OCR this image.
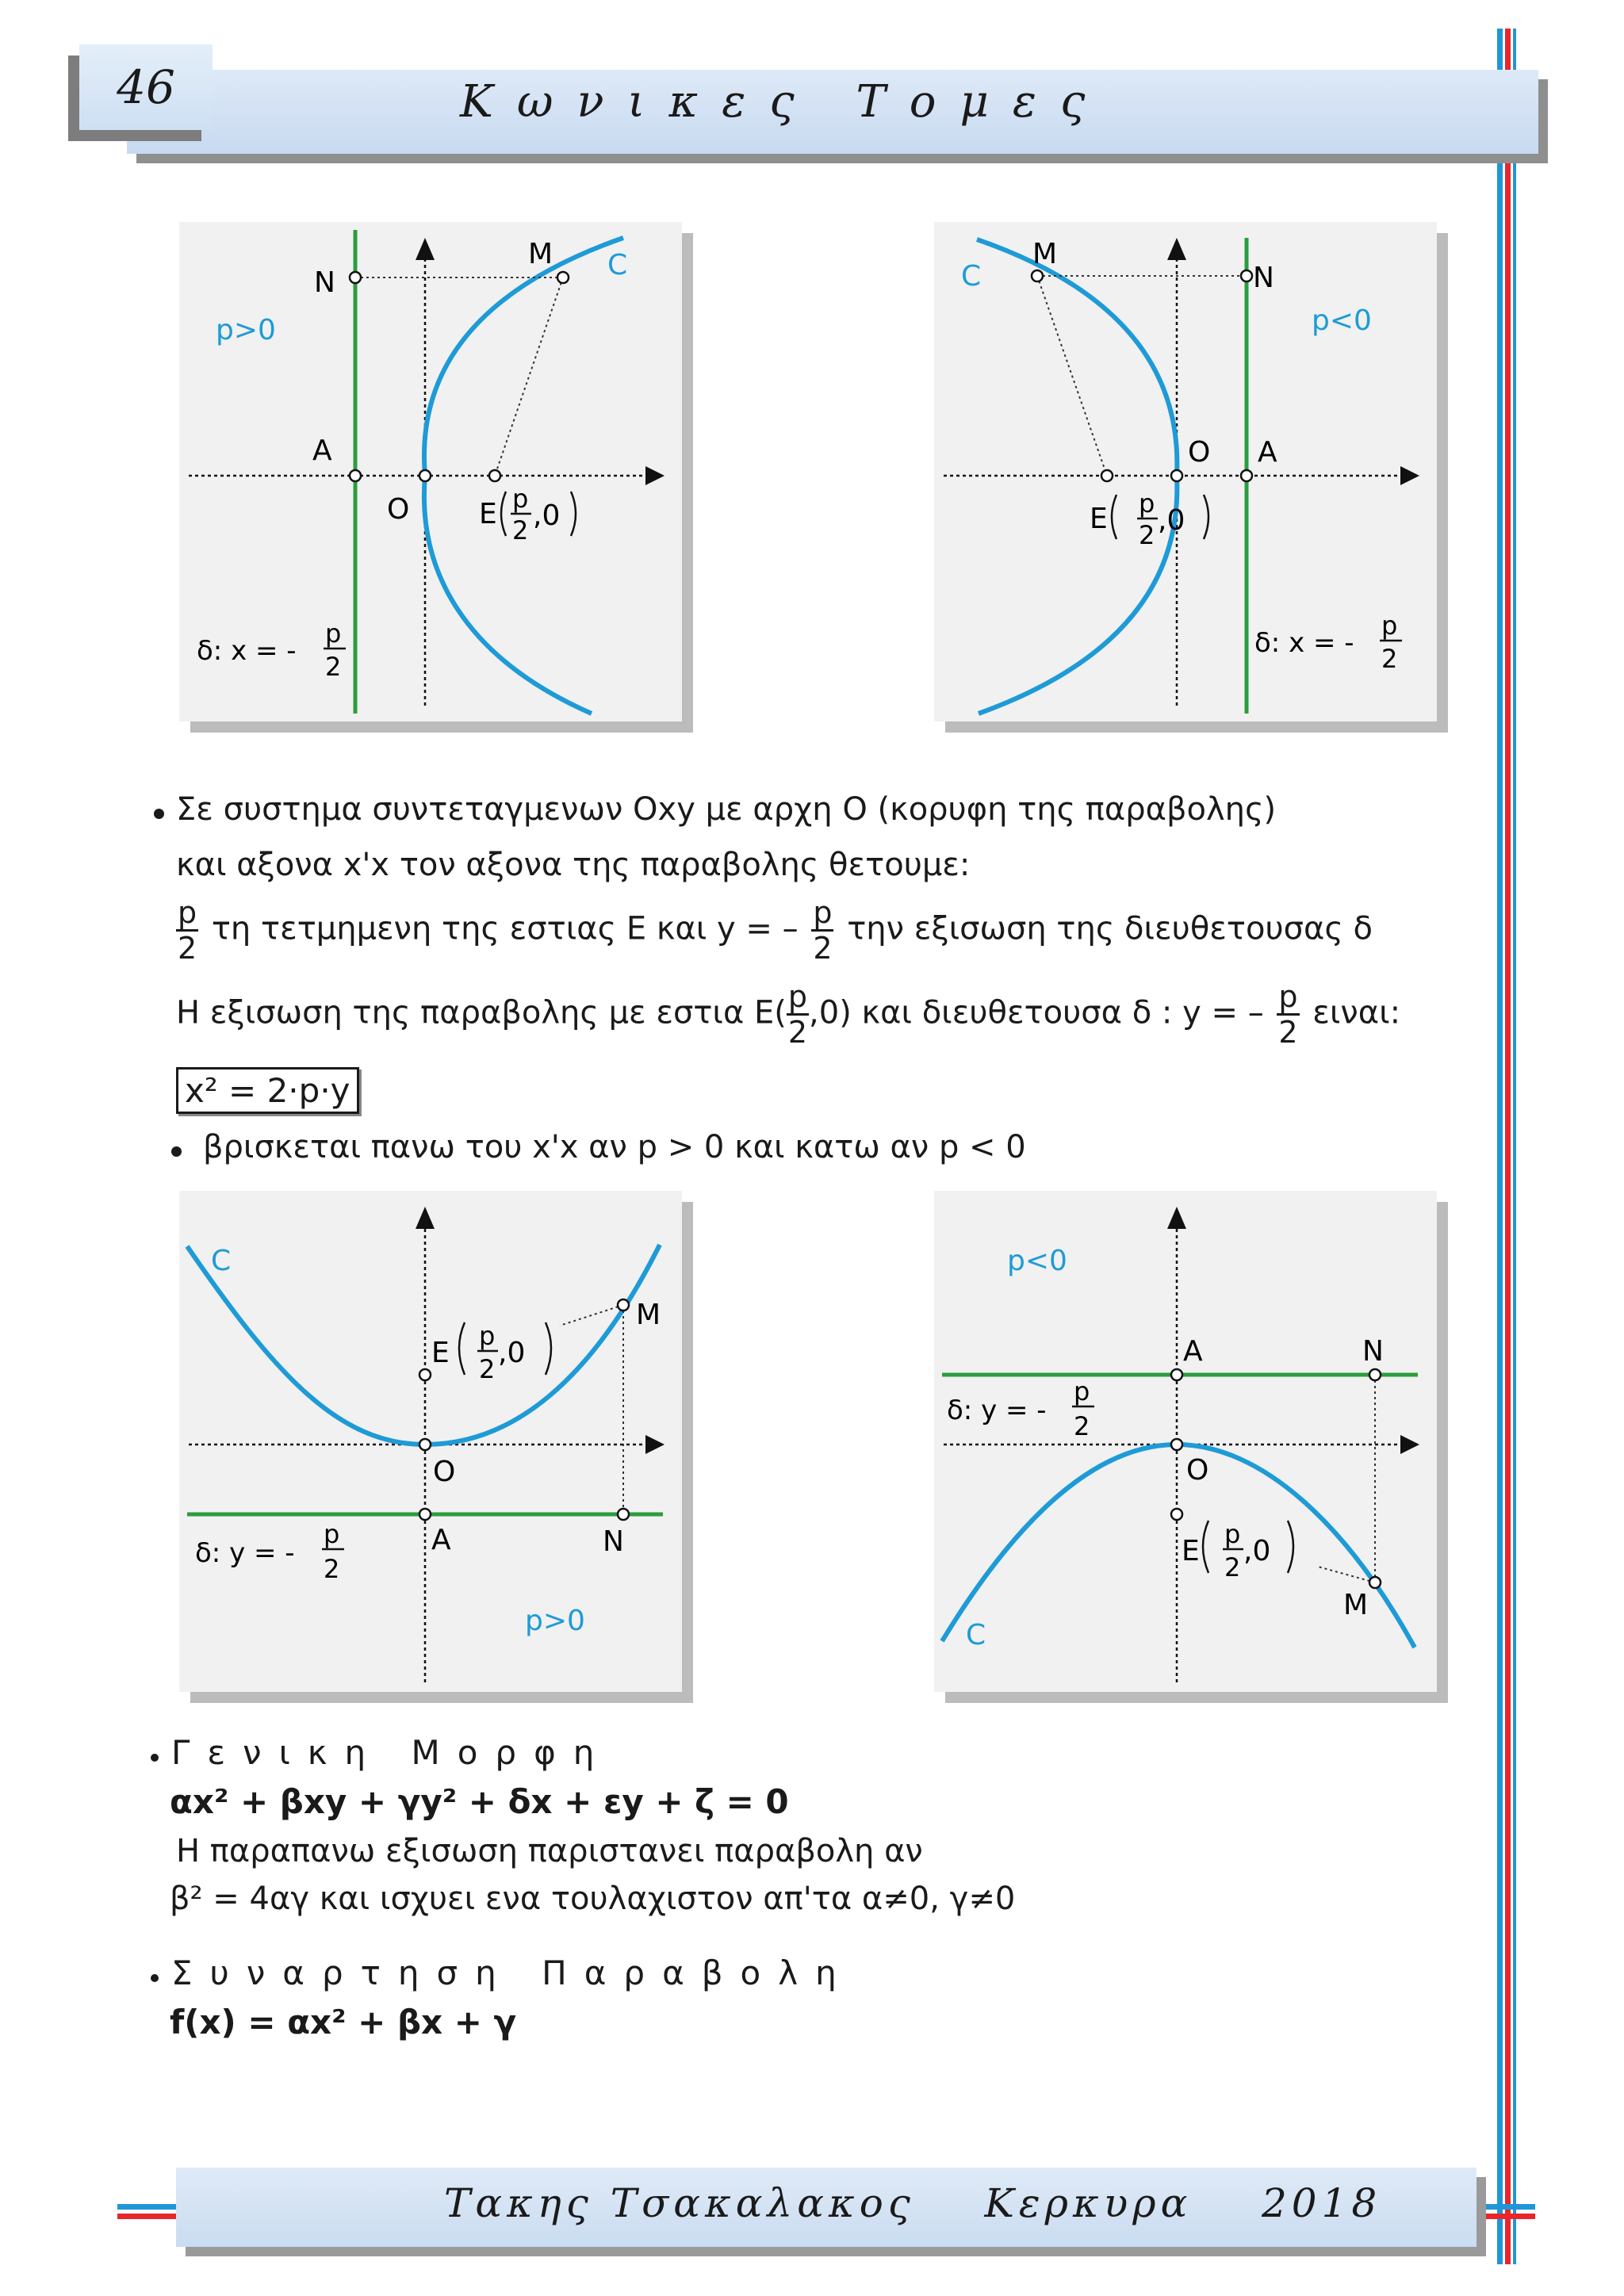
46	Κωνικες Τομες
N
M C
p>0
A
O E p
2 ,0
δ: x = -
p
2
C
M
N
p<0
O A
E p
2 ,0
δ: x = -
p
2
Σε συστημα συντεταγμενων Oxy με αρχη O (κορυφη της παραβολης)
και αξονα x'x τον αξονα της παραβολης θετουμε:
$\frac{p}{2}$ τη τετμημενη της εστιας E και y = – $\frac{p}{2}$ την εξισωση της διευθετουσας δ
Η εξισωση της παραβολης με εστια $E( \frac{p}{2} ,0)$ και διευθετουσα δ : y = – $\frac{p}{2} \varepsilon\iota\nu\alpha\iota$:
x² = 2·p·y
βρισκεται πανω του x'x αν p > 0 και κατω αν p < 0
C
M
E
p
2 ,0
O
A	N
δ: y = -
p
2
p>0
p<0
A	N
δ: y = -
p
2
O
E
p
2 ,0
M
C
Γενικη Μορφη
αx² + βxy + γy² + δx + εy + ζ = 0
Η παραπανω εξισωση παριστανει παραβολη αν
β² = 4αγ και ισχυει ενα τουλαχιστον απ'τα α≠0, γ≠0
Συναρτηση Παραβολη
f(x) = αx² + βx + γ
Τακης Τσακαλακος    Κερκυρα    2018
